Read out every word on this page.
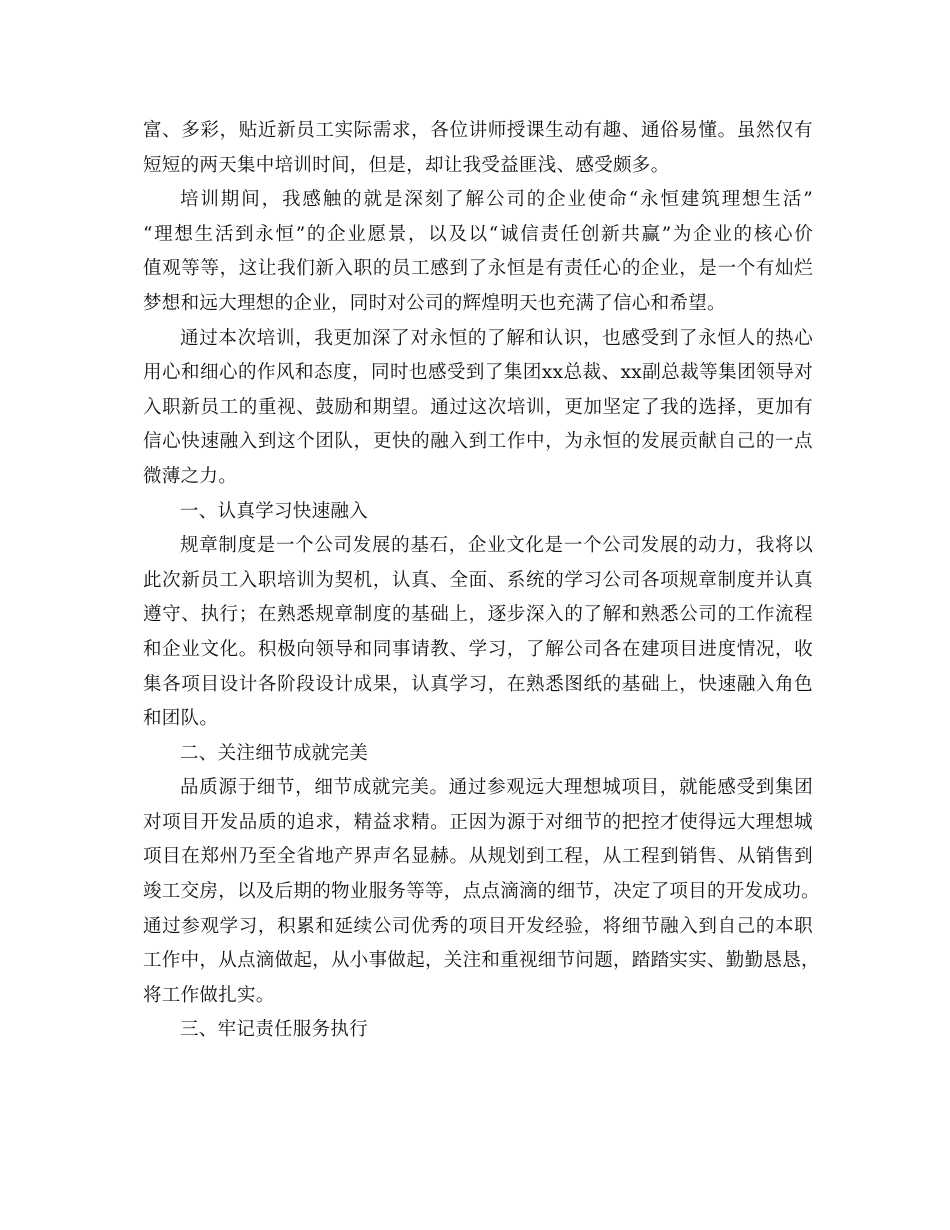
富、多彩，贴近新员工实际需求，各位讲师授课生动有趣、通俗易懂。虽然仅有
短短的两天集中培训时间，但是，却让我受益匪浅、感受颇多。
培训期间，我感触的就是深刻了解公司的企业使命“永恒建筑理想生活”
“理想生活到永恒”的企业愿景，以及以“诚信责任创新共赢”为企业的核心价
值观等等，这让我们新入职的员工感到了永恒是有责任心的企业，是一个有灿烂
梦想和远大理想的企业，同时对公司的辉煌明天也充满了信心和希望。
通过本次培训，我更加深了对永恒的了解和认识，也感受到了永恒人的热心
用心和细心的作风和态度，同时也感受到了集团xx总裁、xx副总裁等集团领导对
入职新员工的重视、鼓励和期望。通过这次培训，更加坚定了我的选择，更加有
信心快速融入到这个团队，更快的融入到工作中，为永恒的发展贡献自己的一点
微薄之力。
一、认真学习快速融入
规章制度是一个公司发展的基石，企业文化是一个公司发展的动力，我将以
此次新员工入职培训为契机，认真、全面、系统的学习公司各项规章制度并认真
遵守、执行；在熟悉规章制度的基础上，逐步深入的了解和熟悉公司的工作流程
和企业文化。积极向领导和同事请教、学习，了解公司各在建项目进度情况，收
集各项目设计各阶段设计成果，认真学习，在熟悉图纸的基础上，快速融入角色
和团队。
二、关注细节成就完美
品质源于细节，细节成就完美。通过参观远大理想城项目，就能感受到集团
对项目开发品质的追求，精益求精。正因为源于对细节的把控才使得远大理想城
项目在郑州乃至全省地产界声名显赫。从规划到工程，从工程到销售、从销售到
竣工交房，以及后期的物业服务等等，点点滴滴的细节，决定了项目的开发成功。
通过参观学习，积累和延续公司优秀的项目开发经验，将细节融入到自己的本职
工作中，从点滴做起，从小事做起，关注和重视细节问题，踏踏实实、勤勤恳恳，
将工作做扎实。
三、牢记责任服务执行
